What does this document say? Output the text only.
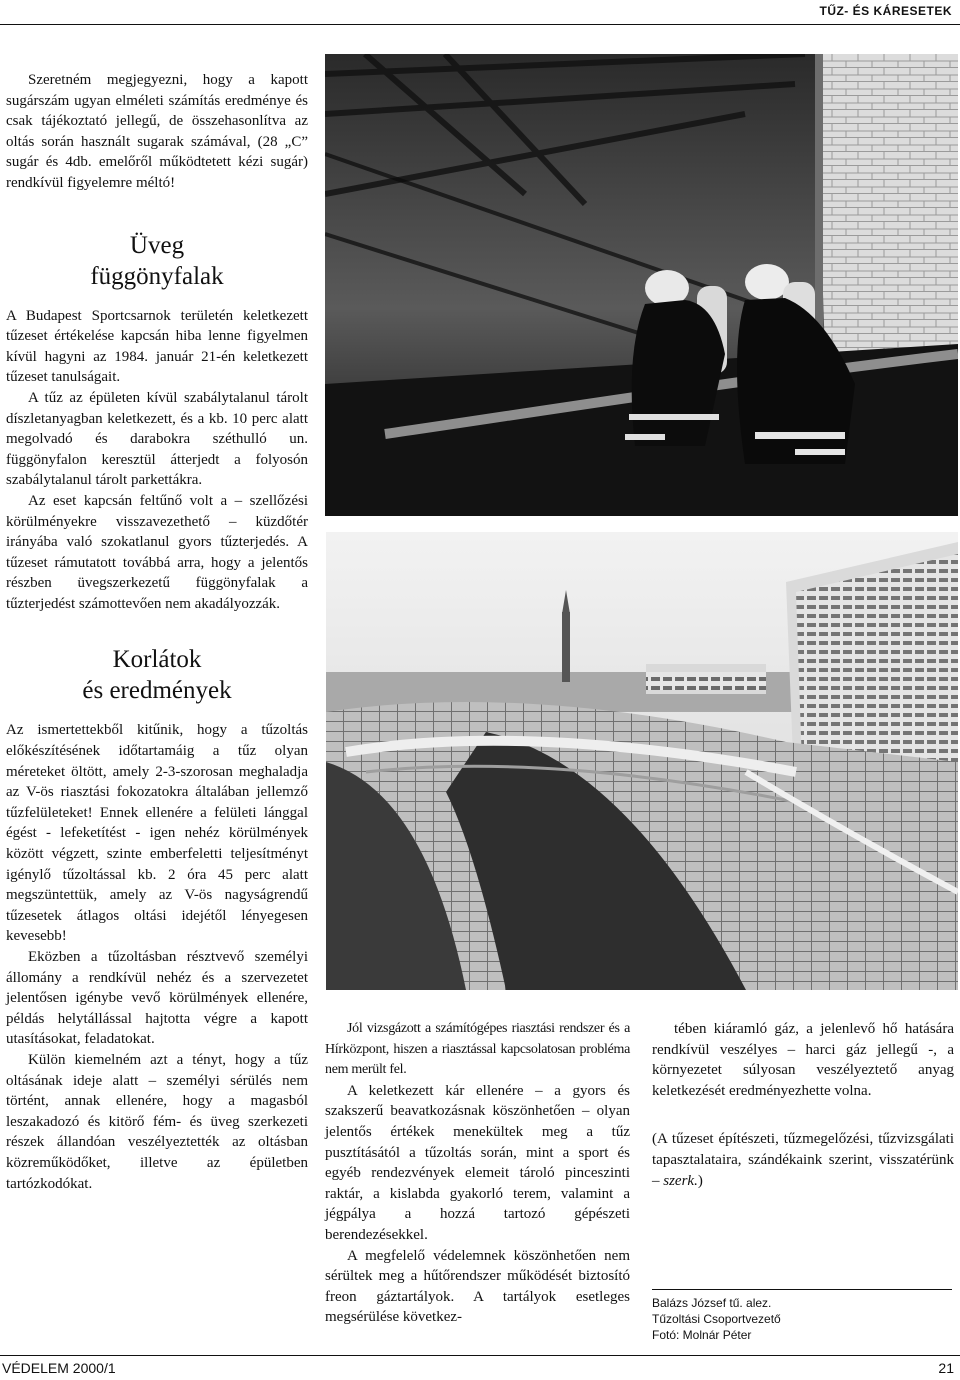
TŰZ- ÉS KÁRESETEK

Szeretném megjegyezni, hogy a kapott sugárszám ugyan elméleti számítás eredménye és csak tájékoztató jellegű, de összehasonlítva az oltás során használt sugarak számával, (28 „C” sugár és 4db. emelőről működtetett kézi sugár) rendkívül figyelemre méltó!

Üveg
függönyfalak

A Budapest Sportcsarnok területén keletkezett tűzeset értékelése kapcsán hiba lenne figyelmen kívül hagyni az 1984. január 21-én keletkezett tűzeset tanulságait.

A tűz az épületen kívül szabálytalanul tárolt díszletanyagban keletkezett, és a kb. 10 perc alatt megolvadó és darabokra széthulló un. függönyfalon keresztül átterjedt a folyosón szabálytalanul tárolt parkettákra.

Az eset kapcsán feltűnő volt a – szellőzési körülményekre visszavezethető – küzdőtér irányába való szokatlanul gyors tűzterjedés. A tűzeset rámutatott továbbá arra, hogy a jelentős részben üvegszerkezetű függönyfalak a tűzterjedést számottevően nem akadályozzák.

Korlátok
és eredmények

Az ismertettekből kitűnik, hogy a tűzoltás előkészítésének időtartamáig a tűz olyan méreteket öltött, amely 2-3-szorosan meghaladja az V-ös riasztási fokozatokra általában jellemző tűzfelületeket! Ennek ellenére a felületi lánggal égést - lefeketítést - igen nehéz körülmények között végzett, szinte emberfeletti teljesítményt igénylő tűzoltással kb. 2 óra 45 perc alatt megszüntettük, amely az V-ös nagyságrendű tűzesetek átlagos oltási idejétől lényegesen kevesebb!

Eközben a tűzoltásban résztvevő személyi állomány a rendkívül nehéz és a szervezetet jelentősen igénybe vevő körülmények ellenére, példás helytállással hajtotta végre a kapott utasításokat, feladatokat.

Külön kiemelném azt a tényt, hogy a tűz oltásának ideje alatt – személyi sérülés nem történt, annak ellenére, hogy a magasból leszakadozó és kitörő fém- és üveg szerkezeti részek állandóan veszélyeztették az oltásban közreműködőket, illetve az épületben tartózkodókat.

Jól vizsgázott a számítógépes riasztási rendszer és a Hírközpont, hiszen a riasztással kapcsolatosan probléma nem merült fel.

A keletkezett kár ellenére – a gyors és szakszerű beavatkozásnak köszönhetően – olyan jelentős értékek menekültek meg a tűz pusztításától a tűzoltás során, mint a sport és egyéb rendezvények elemeit tároló pinceszinti raktár, a kislabda gyakorló terem, valamint a jégpálya a hozzá tartozó gépészeti berendezésekkel.

A megfelelő védelemnek köszönhetően nem sérültek meg a hűtőrendszer működését biztosító freon gáztartályok. A tartályok esetleges megsérülése következ-

tében kiáramló gáz, a jelenlevő hő hatására rendkívül veszélyes – harci gáz jellegű -, a környezetet súlyosan veszélyeztető anyag keletkezését eredményezhette volna.

(A tűzeset építészeti, tűzmegelőzési, tűzvizsgálati tapasztalataira, szándékaink szerint, visszatérünk – szerk.)

Balázs József tű. alez.
Tűzoltási Csoportvezető
Fotó: Molnár Péter
VÉDELEM 2000/1	21
